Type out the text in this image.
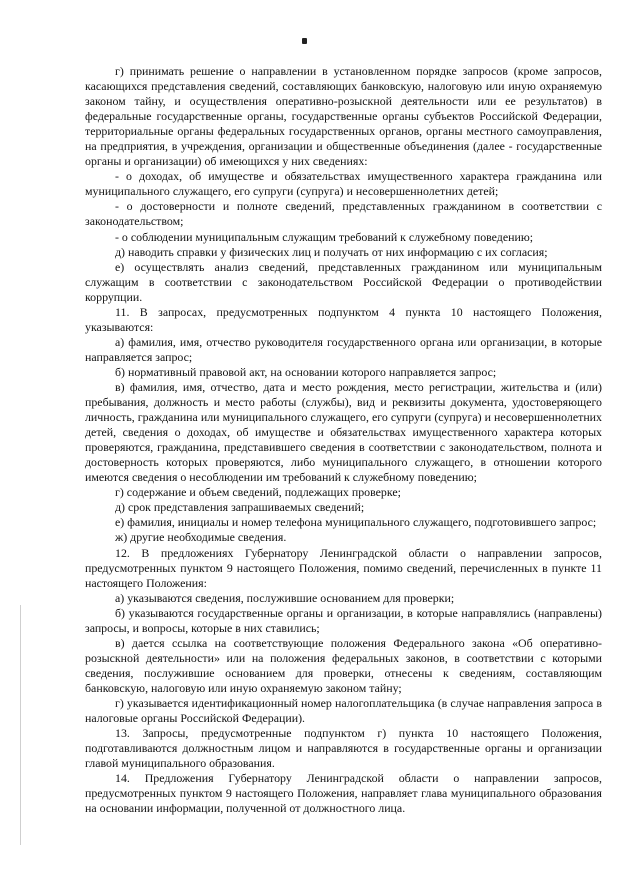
г) принимать решение о направлении в установленном порядке запросов (кроме запросов, касающихся представления сведений, составляющих банковскую, налоговую или иную охраняемую законом тайну, и осуществления оперативно-розыскной деятельности или ее результатов) в федеральные государственные органы, государственные органы субъектов Российской Федерации, территориальные органы федеральных государственных органов, органы местного самоуправления, на предприятия, в учреждения, организации и общественные объединения (далее - государственные органы и организации) об имеющихся у них сведениях:

- о доходах, об имуществе и обязательствах имущественного характера гражданина или муниципального служащего, его супруги (супруга) и несовершеннолетних детей;

- о достоверности и полноте сведений, представленных гражданином в соответствии с законодательством;

- о соблюдении муниципальным служащим требований к служебному поведению;

д) наводить справки у физических лиц и получать от них информацию с их согласия;

е) осуществлять анализ сведений, представленных гражданином или муниципальным служащим в соответствии с законодательством Российской Федерации о противодействии коррупции.

11. В запросах, предусмотренных подпунктом 4 пункта 10 настоящего Положения, указываются:

а) фамилия, имя, отчество руководителя государственного органа или организации, в которые направляется запрос;

б) нормативный правовой акт, на основании которого направляется запрос;

в) фамилия, имя, отчество, дата и место рождения, место регистрации, жительства и (или) пребывания, должность и место работы (службы), вид и реквизиты документа, удостоверяющего личность, гражданина или муниципального служащего, его супруги (супруга) и несовершеннолетних детей, сведения о доходах, об имуществе и обязательствах имущественного характера которых проверяются, гражданина, представившего сведения в соответствии с законодательством, полнота и достоверность которых проверяются, либо муниципального служащего, в отношении которого имеются сведения о несоблюдении им требований к служебному поведению;

г) содержание и объем сведений, подлежащих проверке;

д) срок представления запрашиваемых сведений;

е) фамилия, инициалы и номер телефона муниципального служащего, подготовившего запрос;

ж) другие необходимые сведения.

12. В предложениях Губернатору Ленинградской области о направлении запросов, предусмотренных пунктом 9 настоящего Положения, помимо сведений, перечисленных в пункте 11 настоящего Положения:

а) указываются сведения, послужившие основанием для проверки;

б) указываются государственные органы и организации, в которые направлялись (направлены) запросы, и вопросы, которые в них ставились;

в) дается ссылка на соответствующие положения Федерального закона «Об оперативно-розыскной деятельности» или на положения федеральных законов, в соответствии с которыми сведения, послужившие основанием для проверки, отнесены к сведениям, составляющим банковскую, налоговую или иную охраняемую законом тайну;

г) указывается идентификационный номер налогоплательщика (в случае направления запроса в налоговые органы Российской Федерации).

13. Запросы, предусмотренные подпунктом г) пункта 10 настоящего Положения, подготавливаются должностным лицом и направляются в государственные органы и организации главой муниципального образования.

14. Предложения Губернатору Ленинградской области о направлении запросов, предусмотренных пунктом 9 настоящего Положения, направляет глава муниципального образования на основании информации, полученной от должностного лица.
